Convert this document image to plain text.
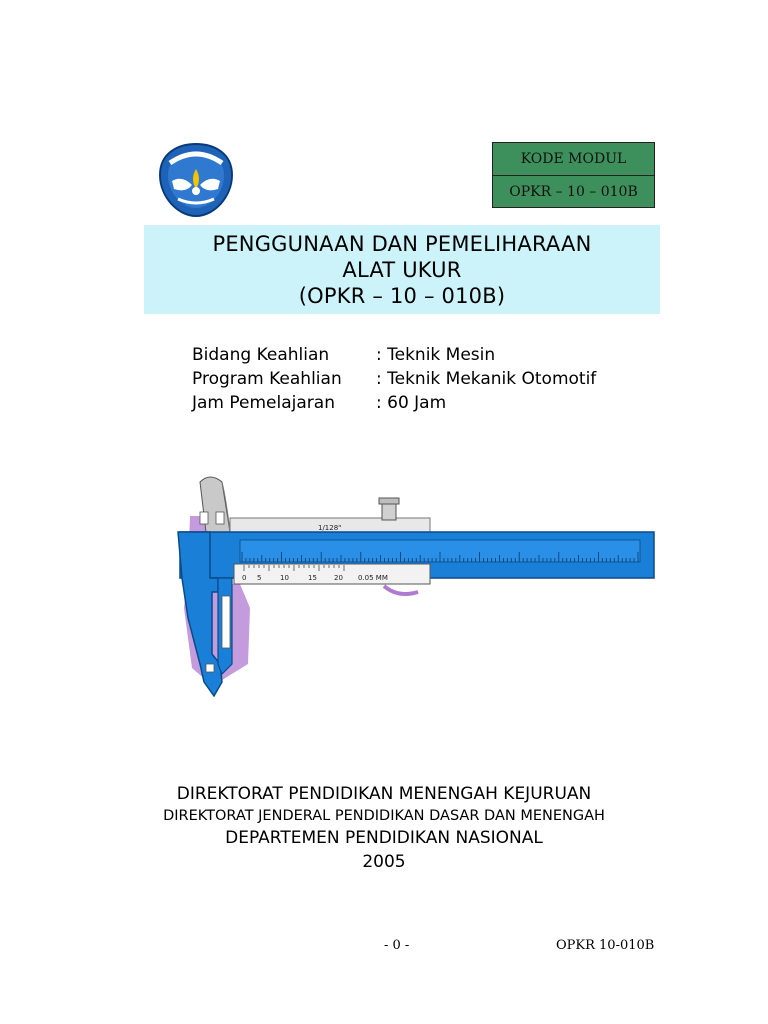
KODE MODUL
OPKR – 10 – 010B
PENGGUNAAN DAN PEMELIHARAAN
ALAT UKUR
(OPKR – 10 – 010B)
Bidang Keahlian	: Teknik Mesin
Program Keahlian	: Teknik Mekanik Otomotif
Jam Pemelajaran	: 60 Jam
1/128"
0.05 MM
0 5	10	15 20
DIREKTORAT PENDIDIKAN MENENGAH KEJURUAN
DIREKTORAT JENDERAL PENDIDIKAN DASAR DAN MENENGAH
DEPARTEMEN PENDIDIKAN NASIONAL
2005
- 0 -	OPKR 10-010B
